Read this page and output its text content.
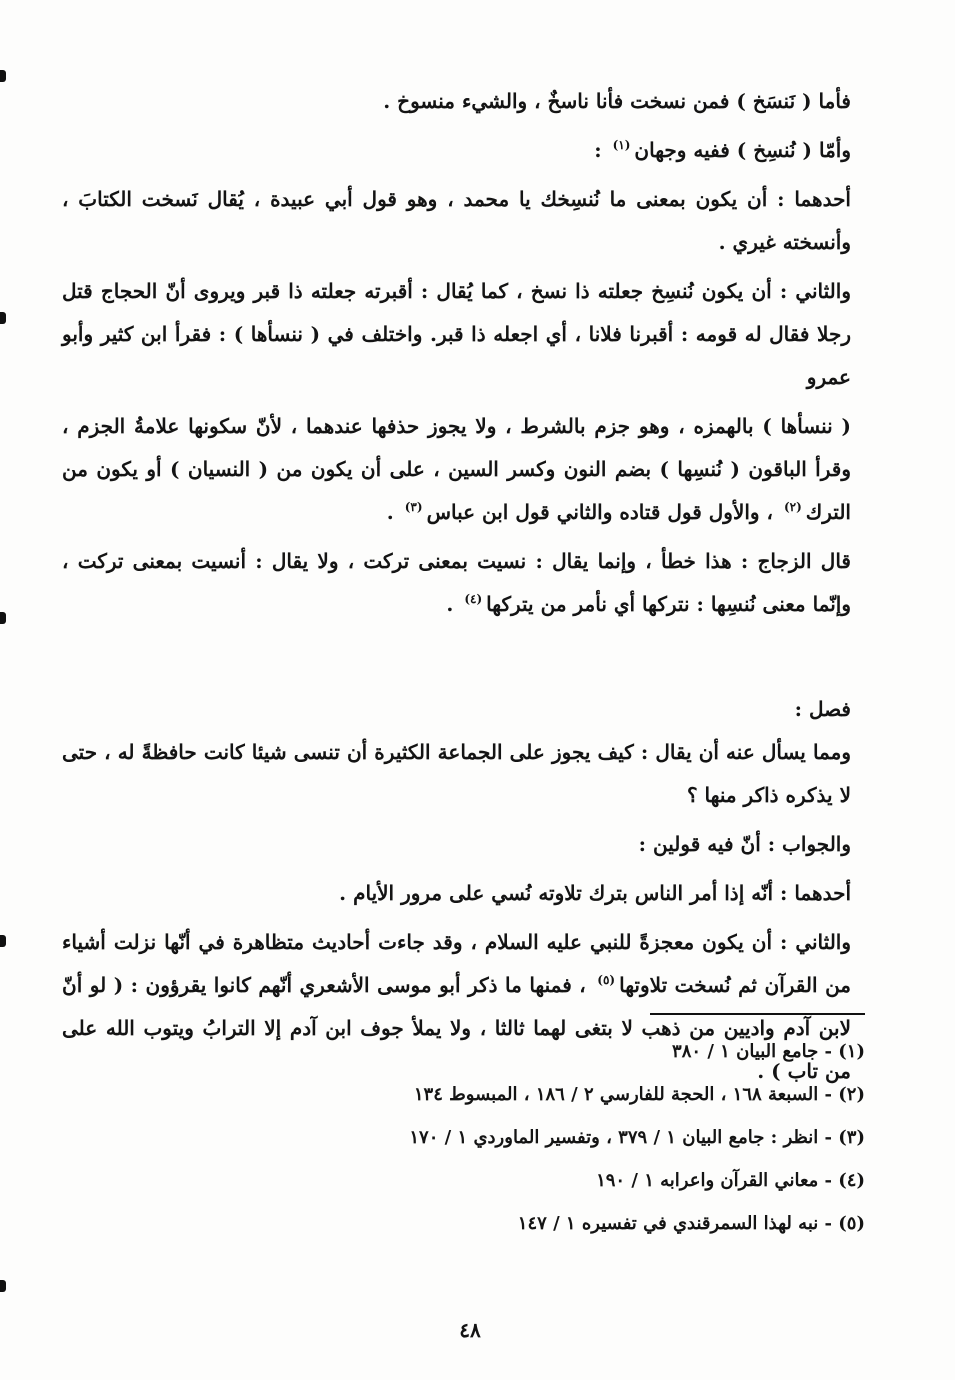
فأما ( نَنسَخ ) فمن نسخت فأنا ناسخٌ ، والشيء منسوخ .

وأمّا ( نُنسِخ ) ففيه وجهان$^{(١)}$ :

أحدهما : أن يكون بمعنى ما نُنسِخك يا محمد ، وهو قول أبي عبيدة ، يُقال نَسخت الكتابَ ، وأنسخته غيري .

والثاني : أن يكون نُنسِخ جعلته ذا نسخ ، كما يُقال : أقبرته جعلته ذا قبر ويروى أنّ الحجاج قتل رجلا فقال له قومه : أقبرنا فلانا ، أي اجعله ذا قبر. واختلف في ( ننسأها ) : فقرأ ابن كثير وأبو عمرو

( ننسأها ) بالهمزه ، وهو جزم بالشرط ، ولا يجوز حذفها عندهما ، لأنّ سكونها علامةُ الجزم ، وقرأ الباقون ( نُنسِها ) بضم النون وكسر السين ، على أن يكون من ( النسيان ) أو يكون من الترك$^{(٢)}$ ، والأول قول قتاده والثاني قول ابن عباس$^{(٣)}$ .

قال الزجاج : هذا خطأ ، وإنما يقال : نسيت بمعنى تركت ، ولا يقال : أنسيت بمعنى تركت ، وإنّما معنى نُنسِها : نتركها أي نأمر من يتركها$^{(٤)}$ .

فصل :

ومما يسأل عنه أن يقال : كيف يجوز على الجماعة الكثيرة أن تنسى شيئا كانت حافظةً له ، حتى لا يذكره ذاكر منها ؟

والجواب : أنّ فيه قولين :

أحدهما : أنّه إذا أمر الناس بترك تلاوته نُسي على مرور الأيام .

والثاني : أن يكون معجزةً للنبي عليه السلام ، وقد جاءت أحاديث متظاهرة في أنّها نزلت أشياء من القرآن ثم نُسخت تلاوتها$^{(٥)}$ ، فمنها ما ذكر أبو موسى الأشعري أنّهم كانوا يقرؤون : ( لو أنّ لابن آدم واديين من ذهب لا بتغى لهما ثالثا ، ولا يملأ جوف ابن آدم إلا الترابُ ويتوب الله على من تاب ) .

(١) - جامع البيان ١ / ٣٨٠

(٢) - السبعة ١٦٨ ، الحجة للفارسي ٢ / ١٨٦ ، المبسوط ١٣٤

(٣) - انظر : جامع البيان ١ / ٣٧٩ ، وتفسير الماوردي ١ / ١٧٠

(٤) - معاني القرآن واعرابه ١ / ١٩٠

(٥) - نبه لهذا السمرقندي في تفسيره ١ / ١٤٧

٤٨
